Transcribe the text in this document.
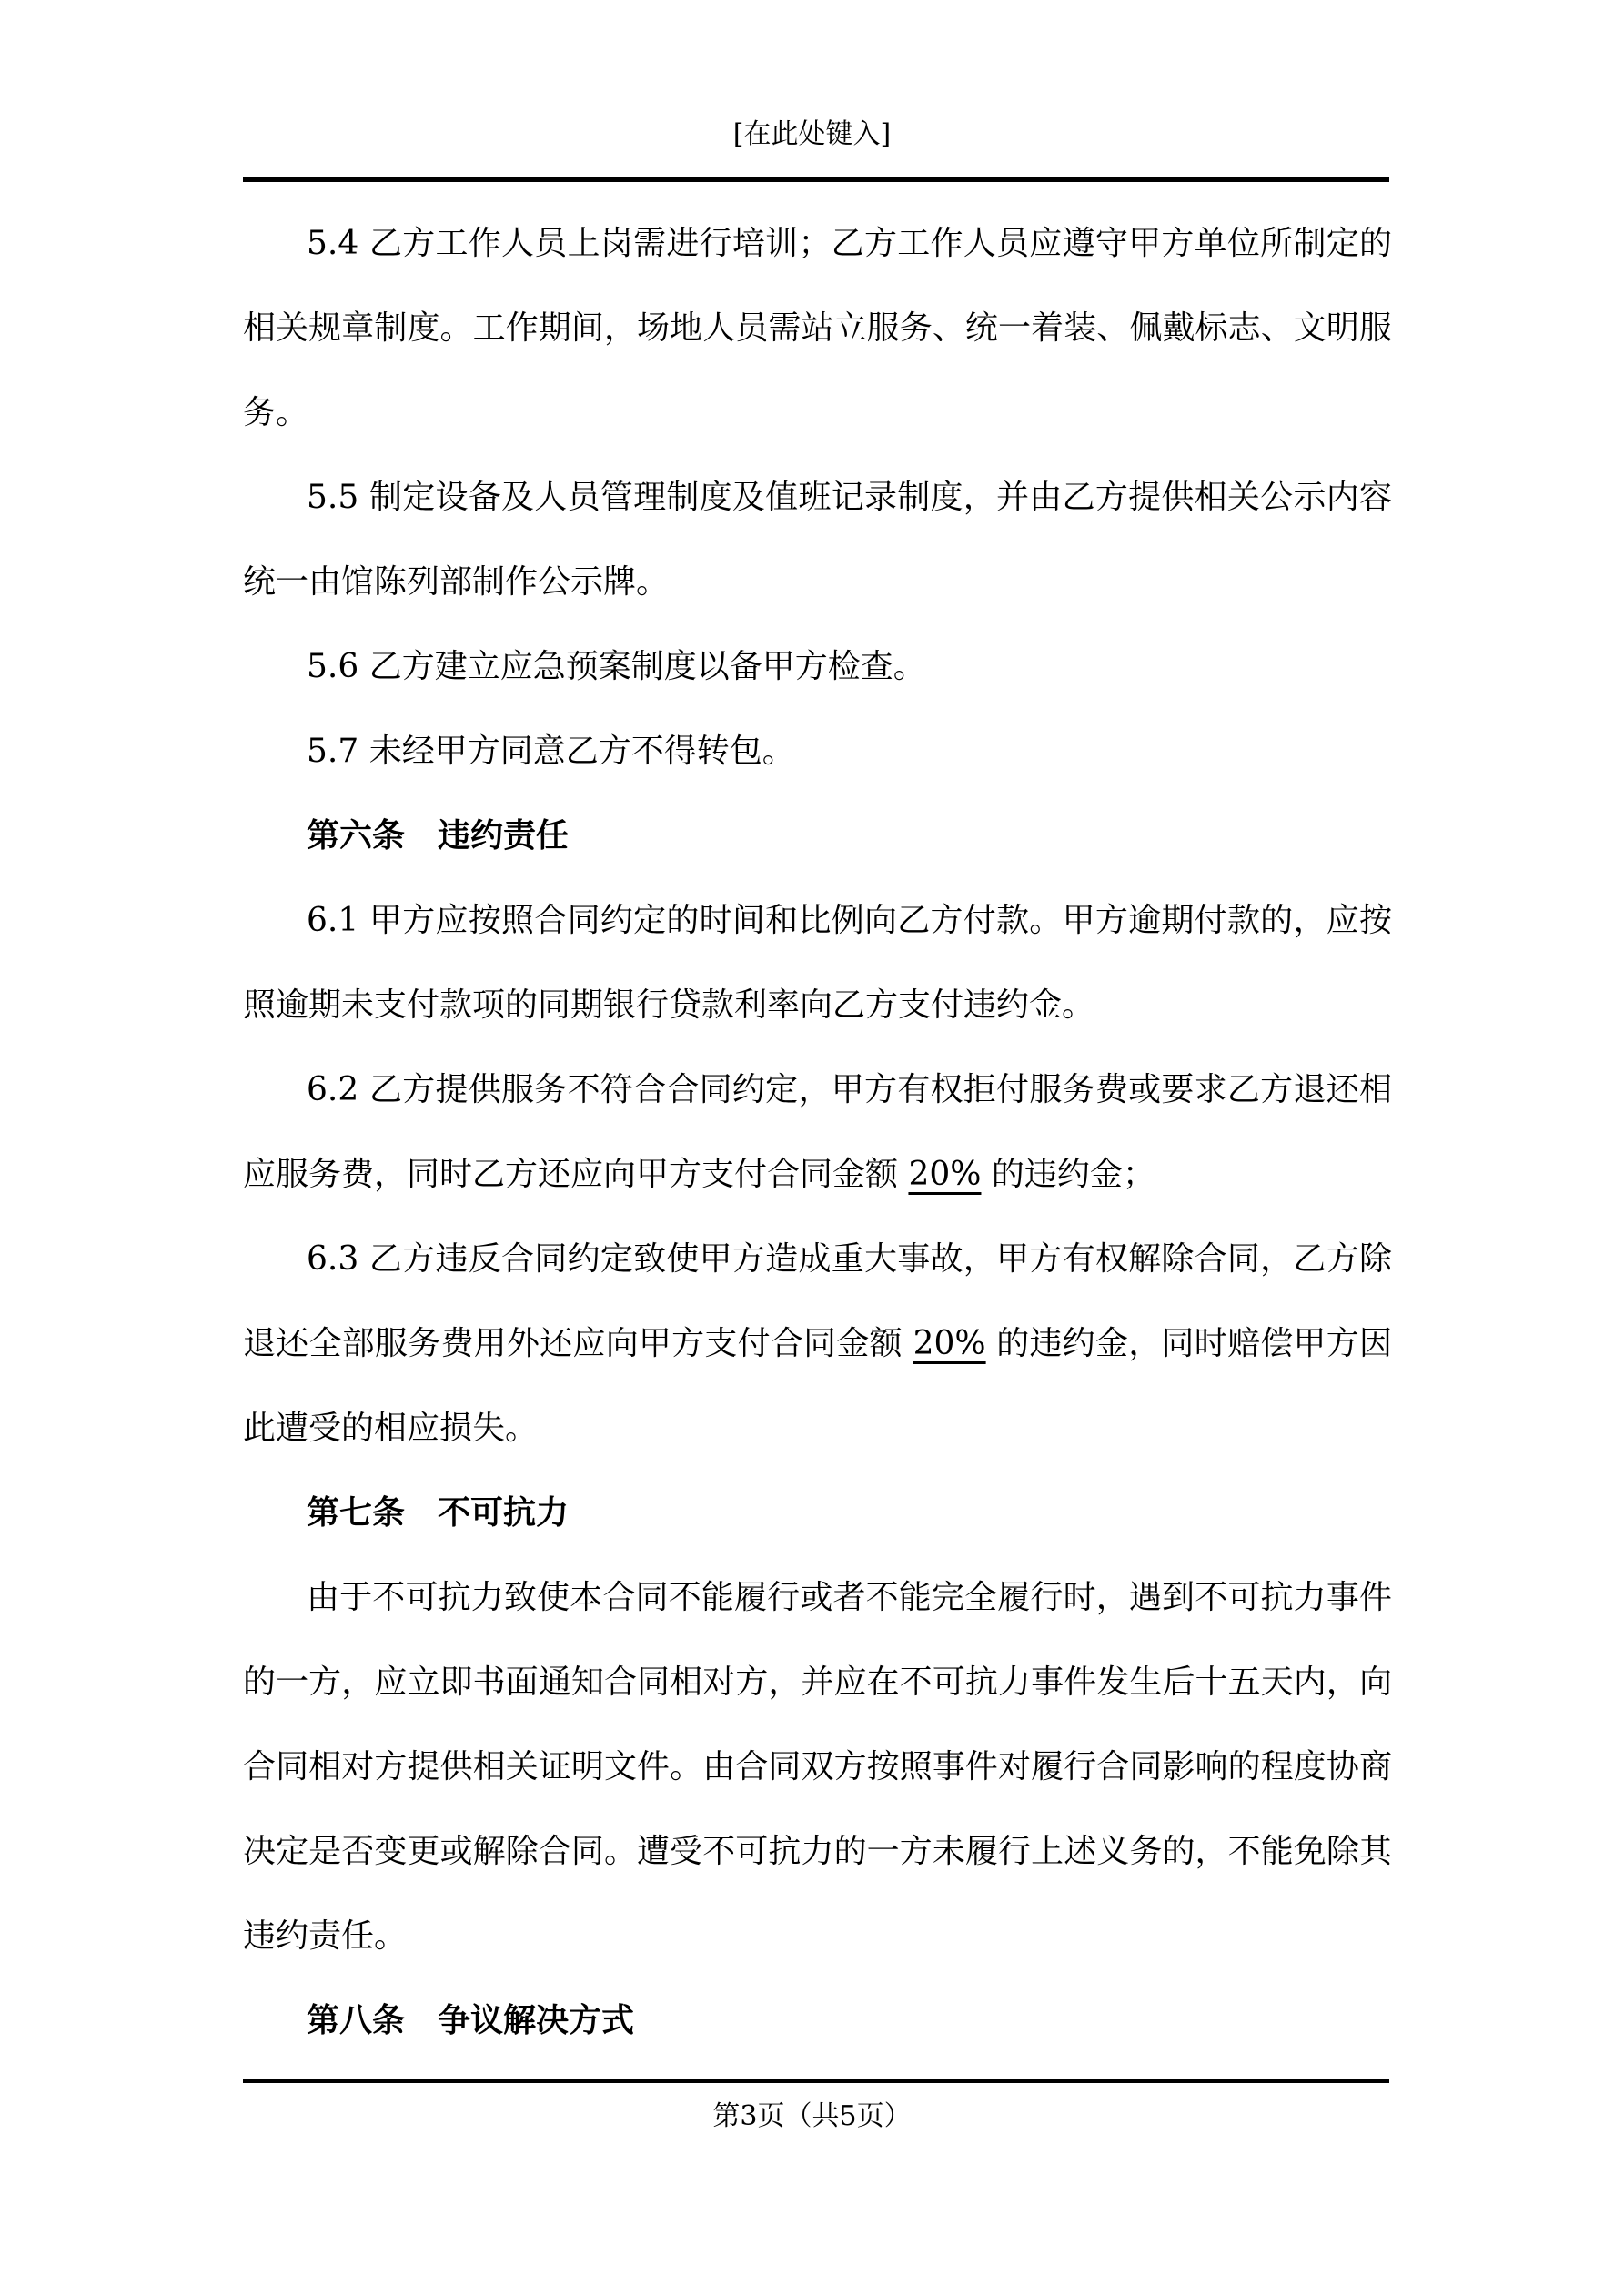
[在此处键入]
5.4 乙方工作人员上岗需进行培训；乙方工作人员应遵守甲方单位所制定的
相关规章制度。工作期间，场地人员需站立服务、统一着装、佩戴标志、文明服
务。
5.5 制定设备及人员管理制度及值班记录制度，并由乙方提供相关公示内容
统一由馆陈列部制作公示牌。
5.6 乙方建立应急预案制度以备甲方检查。
5.7 未经甲方同意乙方不得转包。
第六条　违约责任
6.1 甲方应按照合同约定的时间和比例向乙方付款。甲方逾期付款的，应按
照逾期未支付款项的同期银行贷款利率向乙方支付违约金。
6.2 乙方提供服务不符合合同约定，甲方有权拒付服务费或要求乙方退还相
应服务费，同时乙方还应向甲方支付合同金额 20% 的违约金；
6.3 乙方违反合同约定致使甲方造成重大事故，甲方有权解除合同，乙方除
退还全部服务费用外还应向甲方支付合同金额 20% 的违约金，同时赔偿甲方因
此遭受的相应损失。
第七条　不可抗力
由于不可抗力致使本合同不能履行或者不能完全履行时，遇到不可抗力事件
的一方，应立即书面通知合同相对方，并应在不可抗力事件发生后十五天内，向
合同相对方提供相关证明文件。由合同双方按照事件对履行合同影响的程度协商
决定是否变更或解除合同。遭受不可抗力的一方未履行上述义务的，不能免除其
违约责任。
第八条　争议解决方式
第3页（共5页）
